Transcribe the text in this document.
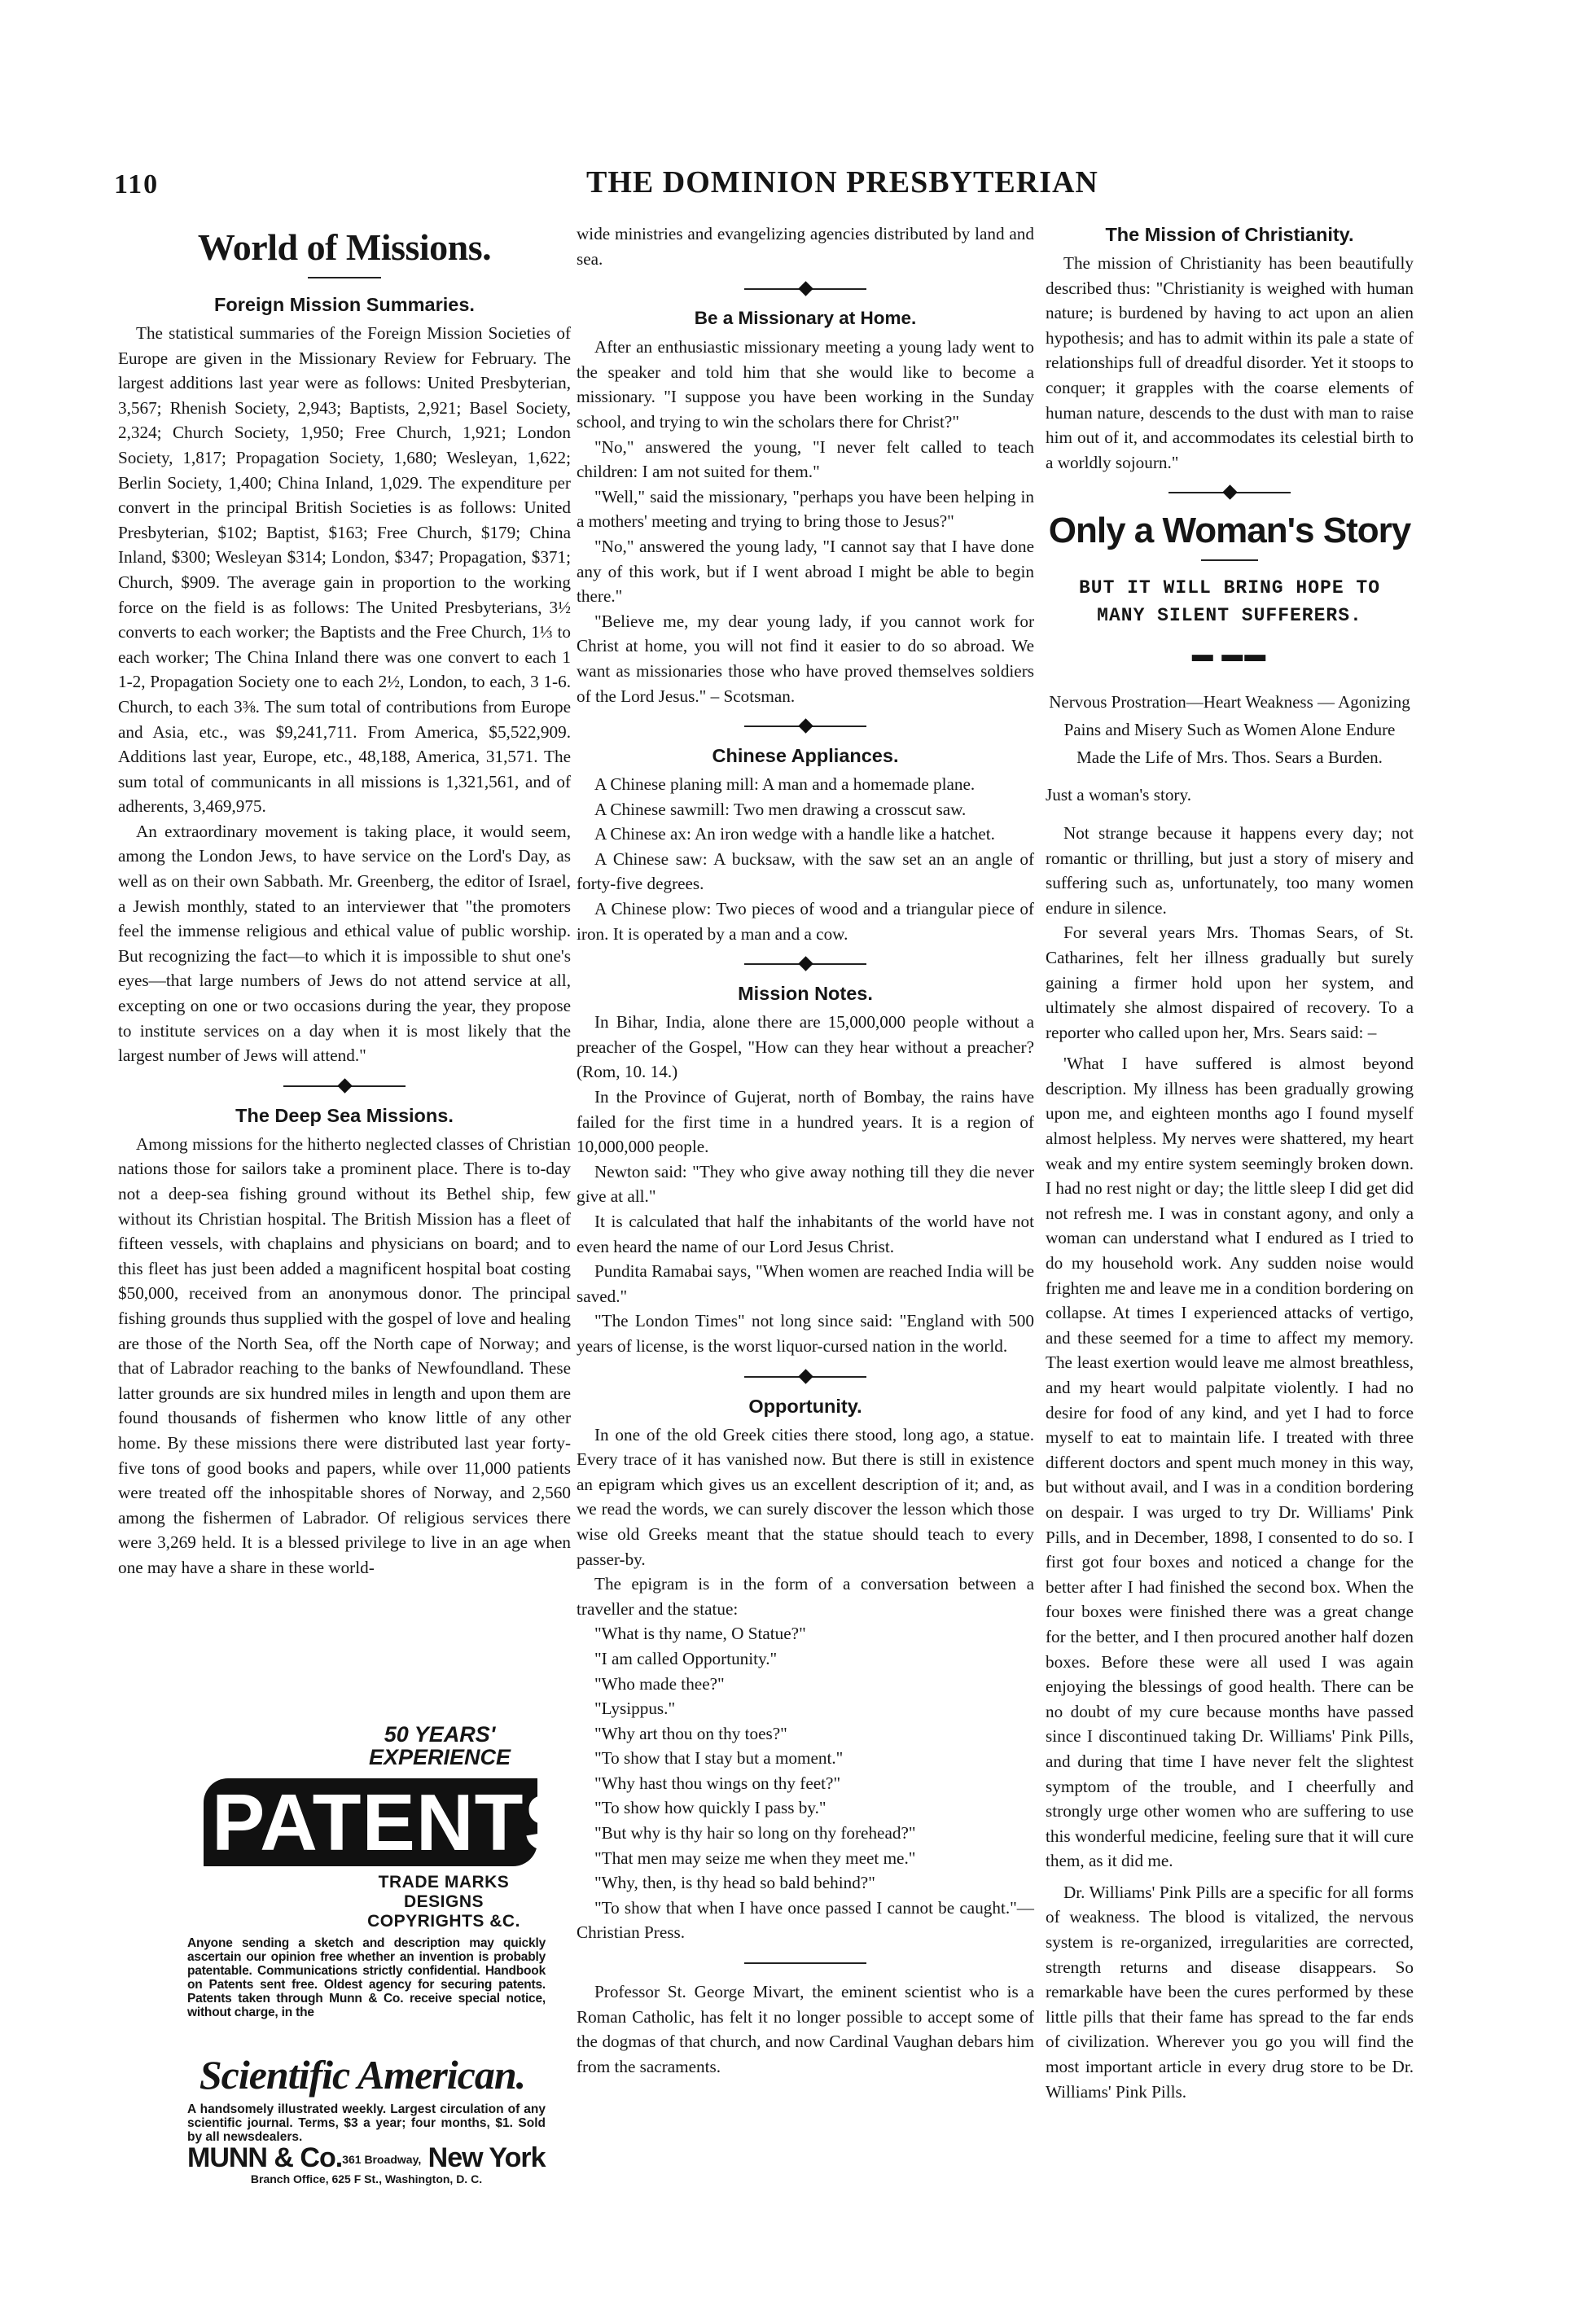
110	THE DOMINION PRESBYTERIAN
World of Missions.
Foreign Mission Summaries.

The statistical summaries of the Foreign Mission Societies of Europe are given in the Missionary Review for February. The largest additions last year were as follows: United Presbyterian, 3,567; Rhenish Society, 2,943; Baptists, 2,921; Basel Society, 2,324; Church Society, 1,950; Free Church, 1,921; London Society, 1,817; Propagation Society, 1,680; Wesleyan, 1,622; Berlin Society, 1,400; China Inland, 1,029. The expenditure per convert in the principal British Societies is as follows: United Presbyterian, $102; Baptist, $163; Free Church, $179; China Inland, $300; Wesleyan $314; London, $347; Propagation, $371; Church, $909. The average gain in proportion to the working force on the field is as follows: The United Presbyterians, 3½ converts to each worker; the Baptists and the Free Church, 1⅓ to each worker; The China Inland there was one convert to each 1 1-2, Propagation Society one to each 2½, London, to each, 3 1-6. Church, to each 3⅜. The sum total of contributions from Europe and Asia, etc., was $9,241,711. From America, $5,522,909. Additions last year, Europe, etc., 48,188, America, 31,571. The sum total of communicants in all missions is 1,321,561, and of adherents, 3,469,975.

An extraordinary movement is taking place, it would seem, among the London Jews, to have service on the Lord's Day, as well as on their own Sabbath. Mr. Greenberg, the editor of Israel, a Jewish monthly, stated to an interviewer that "the promoters feel the immense religious and ethical value of public worship. But recognizing the fact—to which it is impossible to shut one's eyes—that large numbers of Jews do not attend service at all, excepting on one or two occasions during the year, they propose to institute services on a day when it is most likely that the largest number of Jews will attend."

The Deep Sea Missions.

Among missions for the hitherto neglected classes of Christian nations those for sailors take a prominent place. There is to-day not a deep-sea fishing ground without its Bethel ship, few without its Christian hospital. The British Mission has a fleet of fifteen vessels, with chaplains and physicians on board; and to this fleet has just been added a magnificent hospital boat costing $50,000, received from an anonymous donor. The principal fishing grounds thus supplied with the gospel of love and healing are those of the North Sea, off the North cape of Norway; and that of Labrador reaching to the banks of Newfoundland. These latter grounds are six hundred miles in length and upon them are found thousands of fishermen who know little of any other home. By these missions there were distributed last year forty-five tons of good books and papers, while over 11,000 patients were treated off the inhospitable shores of Norway, and 2,560 among the fishermen of Labrador. Of religious services there were 3,269 held. It is a blessed privilege to live in an age when one may have a share in these world-

50 YEARS' EXPERIENCE
PATENTS
TRADE MARKS DESIGNS COPYRIGHTS &C.
Anyone sending a sketch and description may quickly ascertain our opinion free whether an invention is probably patentable. Communications strictly confidential. Handbook on Patents sent free. Oldest agency for securing patents. Patents taken through Munn & Co. receive special notice, without charge, in the
Scientific American.
A handsomely illustrated weekly. Largest circulation of any scientific journal. Terms, $3 a year; four months, $1. Sold by all newsdealers.
MUNN & Co.361 Broadway, New York
Branch Office, 625 F St., Washington, D. C.

wide ministries and evangelizing agencies distributed by land and sea.

Be a Missionary at Home.

After an enthusiastic missionary meeting a young lady went to the speaker and told him that she would like to become a missionary. "I suppose you have been working in the Sunday school, and trying to win the scholars there for Christ?"

"No," answered the young, "I never felt called to teach children: I am not suited for them."

"Well," said the missionary, "perhaps you have been helping in a mothers' meeting and trying to bring those to Jesus?"

"No," answered the young lady, "I cannot say that I have done any of this work, but if I went abroad I might be able to begin there."

"Believe me, my dear young lady, if you cannot work for Christ at home, you will not find it easier to do so abroad. We want as missionaries those who have proved themselves soldiers of the Lord Jesus." – Scotsman.

Chinese Appliances.

A Chinese planing mill: A man and a homemade plane.

A Chinese sawmill: Two men drawing a crosscut saw.

A Chinese ax: An iron wedge with a handle like a hatchet.

A Chinese saw: A bucksaw, with the saw set an an angle of forty-five degrees.

A Chinese plow: Two pieces of wood and a triangular piece of iron. It is operated by a man and a cow.

Mission Notes.

In Bihar, India, alone there are 15,000,000 people without a preacher of the Gospel, "How can they hear without a preacher? (Rom, 10. 14.)

In the Province of Gujerat, north of Bombay, the rains have failed for the first time in a hundred years. It is a region of 10,000,000 people.

Newton said: "They who give away nothing till they die never give at all."

It is calculated that half the inhabitants of the world have not even heard the name of our Lord Jesus Christ.

Pundita Ramabai says, "When women are reached India will be saved."

"The London Times" not long since said: "England with 500 years of license, is the worst liquor-cursed nation in the world.

Opportunity.

In one of the old Greek cities there stood, long ago, a statue. Every trace of it has vanished now. But there is still in existence an epigram which gives us an excellent description of it; and, as we read the words, we can surely discover the lesson which those wise old Greeks meant that the statue should teach to every passer-by.

The epigram is in the form of a conversation between a traveller and the statue:

"What is thy name, O Statue?"

"I am called Opportunity."

"Who made thee?"

"Lysippus."

"Why art thou on thy toes?"

"To show that I stay but a moment."

"Why hast thou wings on thy feet?"

"To show how quickly I pass by."

"But why is thy hair so long on thy forehead?"

"That men may seize me when they meet me."

"Why, then, is thy head so bald behind?"

"To show that when I have once passed I cannot be caught."—Christian Press.

Professor St. George Mivart, the eminent scientist who is a Roman Catholic, has felt it no longer possible to accept some of the dogmas of that church, and now Cardinal Vaughan debars him from the sacraments.

The Mission of Christianity.

The mission of Christianity has been beautifully described thus: "Christianity is weighed with human nature; is burdened by having to act upon an alien hypothesis; and has to admit within its pale a state of relationships full of dreadful disorder. Yet it stoops to conquer; it grapples with the coarse elements of human nature, descends to the dust with man to raise him out of it, and accommodates its celestial birth to a worldly sojourn."

Only a Woman's Story
BUT IT WILL BRING HOPE TO
MANY SILENT SUFFERERS.
▬ ▬▬
Nervous Prostration—Heart Weakness — Agonizing Pains and Misery Such as Women Alone Endure Made the Life of Mrs. Thos. Sears a Burden.

Just a woman's story.

Not strange because it happens every day; not romantic or thrilling, but just a story of misery and suffering such as, unfortunately, too many women endure in silence.

For several years Mrs. Thomas Sears, of St. Catharines, felt her illness gradually but surely gaining a firmer hold upon her system, and ultimately she almost dispaired of recovery. To a reporter who called upon her, Mrs. Sears said: –

'What I have suffered is almost beyond description. My illness has been gradually growing upon me, and eighteen months ago I found myself almost helpless. My nerves were shattered, my heart weak and my entire system seemingly broken down. I had no rest night or day; the little sleep I did get did not refresh me. I was in constant agony, and only a woman can understand what I endured as I tried to do my household work. Any sudden noise would frighten me and leave me in a condition bordering on collapse. At times I experienced attacks of vertigo, and these seemed for a time to affect my memory. The least exertion would leave me almost breathless, and my heart would palpitate violently. I had no desire for food of any kind, and yet I had to force myself to eat to maintain life. I treated with three different doctors and spent much money in this way, but without avail, and I was in a condition bordering on despair. I was urged to try Dr. Williams' Pink Pills, and in December, 1898, I consented to do so. I first got four boxes and noticed a change for the better after I had finished the second box. When the four boxes were finished there was a great change for the better, and I then procured another half dozen boxes. Before these were all used I was again enjoying the blessings of good health. There can be no doubt of my cure because months have passed since I discontinued taking Dr. Williams' Pink Pills, and during that time I have never felt the slightest symptom of the trouble, and I cheerfully and strongly urge other women who are suffering to use this wonderful medicine, feeling sure that it will cure them, as it did me.

Dr. Williams' Pink Pills are a specific for all forms of weakness. The blood is vitalized, the nervous system is re-organized, irregularities are corrected, strength returns and disease disappears. So remarkable have been the cures performed by these little pills that their fame has spread to the far ends of civilization. Wherever you go you will find the most important article in every drug store to be Dr. Williams' Pink Pills.
